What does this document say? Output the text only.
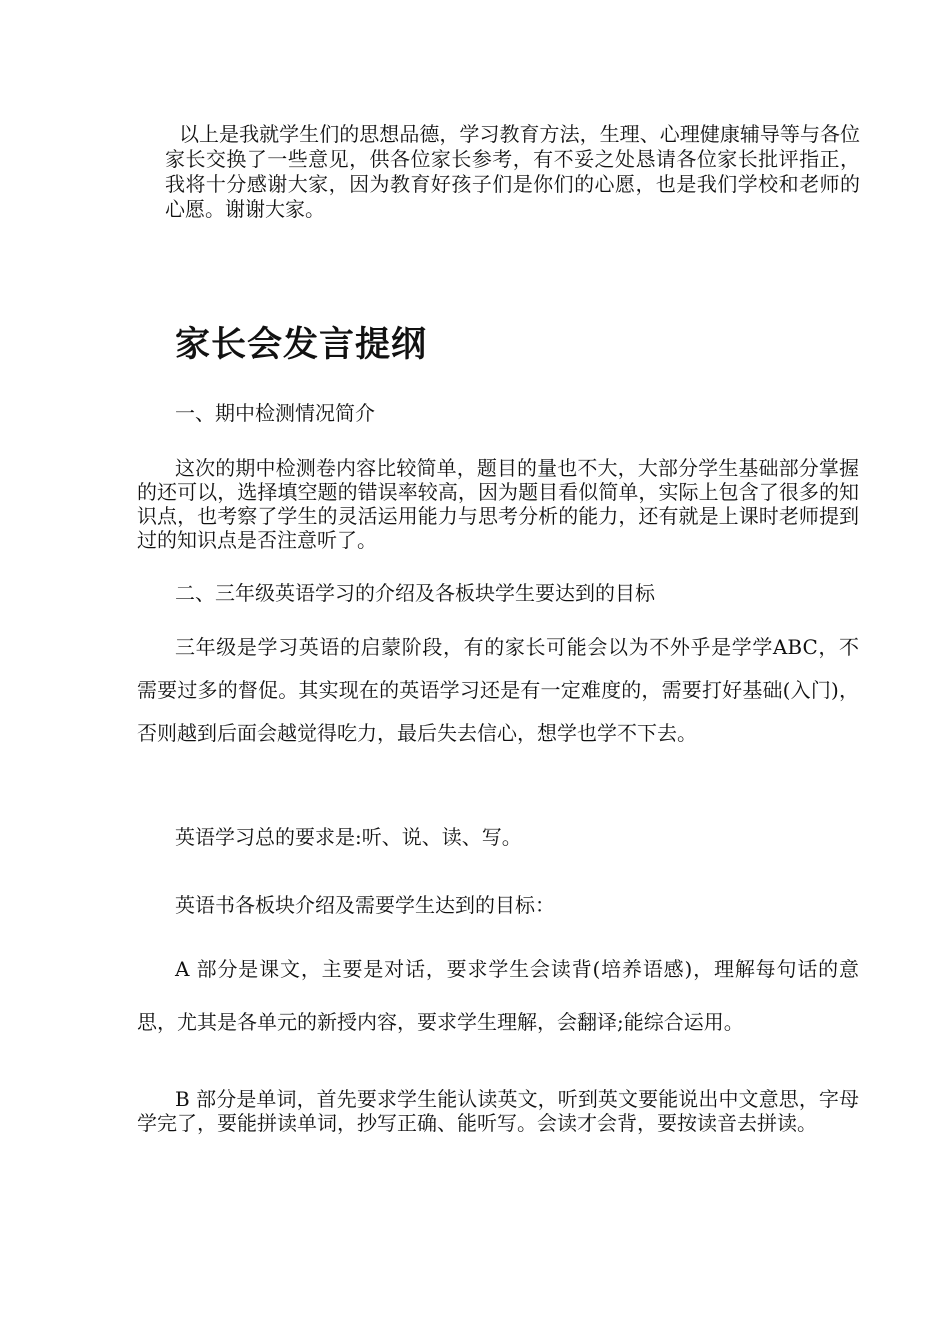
以上是我就学生们的思想品德，学习教育方法，生理、心理健康辅导等与各位家长交换了一些意见，供各位家长参考，有不妥之处恳请各位家长批评指正，我将十分感谢大家，因为教育好孩子们是你们的心愿，也是我们学校和老师的心愿。谢谢大家。

家长会发言提纲

一、期中检测情况简介

这次的期中检测卷内容比较简单，题目的量也不大，大部分学生基础部分掌握的还可以，选择填空题的错误率较高，因为题目看似简单，实际上包含了很多的知识点，也考察了学生的灵活运用能力与思考分析的能力，还有就是上课时老师提到过的知识点是否注意听了。

二、三年级英语学习的介绍及各板块学生要达到的目标

三年级是学习英语的启蒙阶段，有的家长可能会以为不外乎是学学ABC，不需要过多的督促。其实现在的英语学习还是有一定难度的，需要打好基础(入门)，否则越到后面会越觉得吃力，最后失去信心，想学也学不下去。

英语学习总的要求是:听、说、读、写。

英语书各板块介绍及需要学生达到的目标：

A 部分是课文，主要是对话，要求学生会读背(培养语感)，理解每句话的意思，尤其是各单元的新授内容，要求学生理解，会翻译;能综合运用。

B 部分是单词，首先要求学生能认读英文，听到英文要能说出中文意思，字母学完了，要能拼读单词，抄写正确、能听写。会读才会背，要按读音去拼读。
